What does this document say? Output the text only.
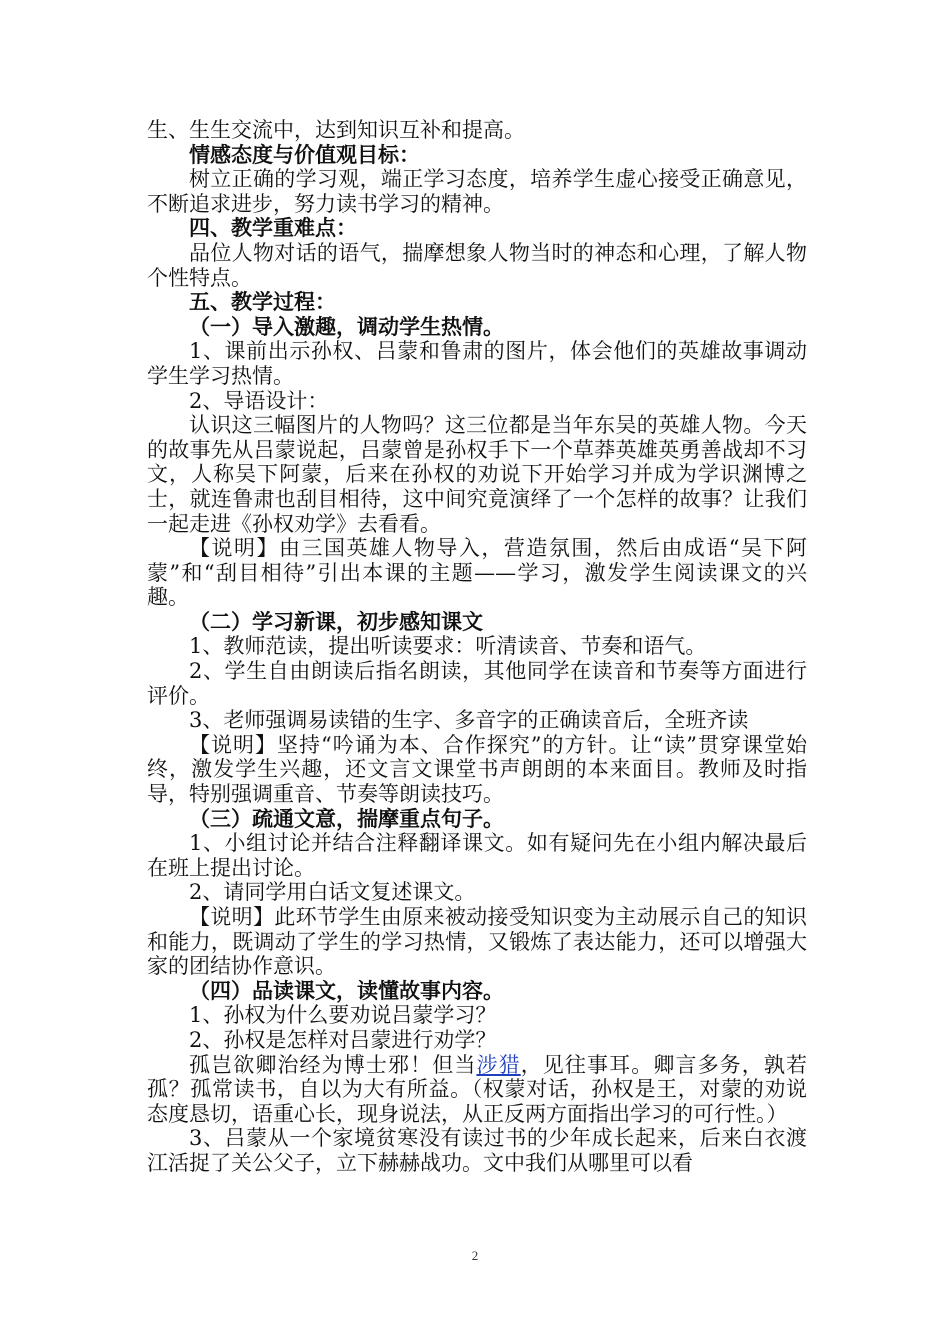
生、生生交流中，达到知识互补和提高。

情感态度与价值观目标：

树立正确的学习观，端正学习态度，培养学生虚心接受正确意见，不断追求进步，努力读书学习的精神。

四、教学重难点：

品位人物对话的语气，揣摩想象人物当时的神态和心理，了解人物个性特点。

五、教学过程：

（一）导入激趣，调动学生热情。

1、课前出示孙权、吕蒙和鲁肃的图片，体会他们的英雄故事调动学生学习热情。

2、导语设计：

认识这三幅图片的人物吗？这三位都是当年东吴的英雄人物。今天的故事先从吕蒙说起，吕蒙曾是孙权手下一个草莽英雄英勇善战却不习文，人称吴下阿蒙，后来在孙权的劝说下开始学习并成为学识渊博之士，就连鲁肃也刮目相待，这中间究竟演绎了一个怎样的故事？让我们一起走进《孙权劝学》去看看。

【说明】由三国英雄人物导入，营造氛围，然后由成语“吴下阿蒙”和“刮目相待”引出本课的主题——学习，激发学生阅读课文的兴趣。

（二）学习新课，初步感知课文

1、教师范读，提出听读要求：听清读音、节奏和语气。

2、学生自由朗读后指名朗读，其他同学在读音和节奏等方面进行评价。

3、老师强调易读错的生字、多音字的正确读音后，全班齐读

【说明】坚持“吟诵为本、合作探究”的方针。让“读”贯穿课堂始终，激发学生兴趣，还文言文课堂书声朗朗的本来面目。教师及时指导，特别强调重音、节奏等朗读技巧。

（三）疏通文意，揣摩重点句子。

1、小组讨论并结合注释翻译课文。如有疑问先在小组内解决最后在班上提出讨论。

2、请同学用白话文复述课文。

【说明】此环节学生由原来被动接受知识变为主动展示自己的知识和能力，既调动了学生的学习热情，又锻炼了表达能力，还可以增强大家的团结协作意识。

（四）品读课文，读懂故事内容。

1、孙权为什么要劝说吕蒙学习？

2、孙权是怎样对吕蒙进行劝学？

孤岂欲卿治经为博士邪！但当涉猎，见往事耳。卿言多务，孰若孤？孤常读书，自以为大有所益。（权蒙对话，孙权是王，对蒙的劝说态度恳切，语重心长，现身说法，从正反两方面指出学习的可行性。）

3、吕蒙从一个家境贫寒没有读过书的少年成长起来，后来白衣渡江活捉了关公父子，立下赫赫战功。文中我们从哪里可以看

2
